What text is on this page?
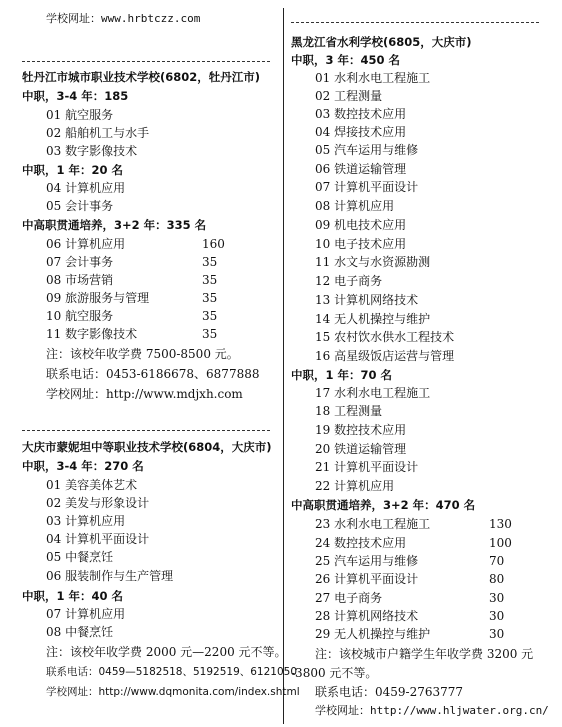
学校网址：www.hrbtczz.com
牡丹江市城市职业技术学校(6802，牡丹江市)
中职，3-4 年：185
01 航空服务
02 船舶机工与水手
03 数字影像技术
中职，1 年：20 名
04 计算机应用
05 会计事务
中高职贯通培养，3+2 年：335 名
06 计算机应用	160
07 会计事务	35
08 市场营销	35
09 旅游服务与管理	35
10 航空服务	35
11 数字影像技术	35
注：该校年收学费 7500-8500 元。
联系电话：0453-6186678、6877888
学校网址：http://www.mdjxh.com
大庆市蒙妮坦中等职业技术学校(6804，大庆市)
中职，3-4 年：270 名
01 美容美体艺术
02 美发与形象设计
03 计算机应用
04 计算机平面设计
05 中餐烹饪
06 服装制作与生产管理
中职，1 年：40 名
07 计算机应用
08 中餐烹饪
注：该校年收学费 2000 元—2200 元不等。
联系电话：0459—5182518、5192519、6121050
学校网址：http://www.dqmonita.com/index.shtml
黑龙江省水利学校(6805，大庆市)
中职，3 年：450 名
01 水利水电工程施工
02 工程测量
03 数控技术应用
04 焊接技术应用
05 汽车运用与维修
06 铁道运输管理
07 计算机平面设计
08 计算机应用
09 机电技术应用
10 电子技术应用
11 水文与水资源勘测
12 电子商务
13 计算机网络技术
14 无人机操控与维护
15 农村饮水供水工程技术
16 高星级饭店运营与管理
中职，1 年：70 名
17 水利水电工程施工
18 工程测量
19 数控技术应用
20 铁道运输管理
21 计算机平面设计
22 计算机应用
中高职贯通培养，3+2 年：470 名
23 水利水电工程施工	130
24 数控技术应用	100
25 汽车运用与维修	70
26 计算机平面设计	80
27 电子商务	30
28 计算机网络技术	30
29 无人机操控与维护	30
注：该校城市户籍学生年收学费 3200 元
-3800 元不等。
联系电话：0459-2763777
学校网址：http://www.hljwater.org.cn/
